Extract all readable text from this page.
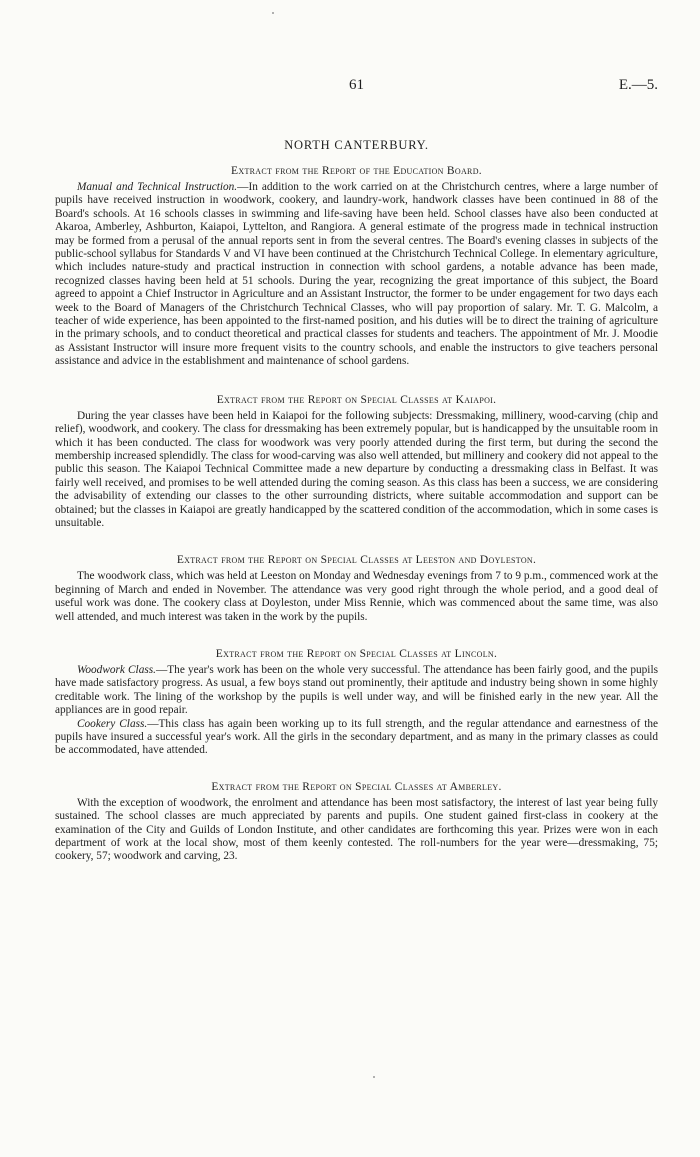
61	E.—5.
NORTH CANTERBURY.
Extract from the Report of the Education Board.

Manual and Technical Instruction.—In addition to the work carried on at the Christchurch centres, where a large number of pupils have received instruction in woodwork, cookery, and laundry-work, handwork classes have been continued in 88 of the Board's schools. At 16 schools classes in swimming and life-saving have been held. School classes have also been conducted at Akaroa, Amberley, Ashburton, Kaiapoi, Lyttelton, and Rangiora. A general estimate of the progress made in technical instruction may be formed from a perusal of the annual reports sent in from the several centres. The Board's evening classes in subjects of the public-school syllabus for Standards V and VI have been continued at the Christchurch Technical College. In elementary agriculture, which includes nature-study and practical instruction in connection with school gardens, a notable advance has been made, recognized classes having been held at 51 schools. During the year, recognizing the great importance of this subject, the Board agreed to appoint a Chief Instructor in Agriculture and an Assistant Instructor, the former to be under engagement for two days each week to the Board of Managers of the Christchurch Technical Classes, who will pay proportion of salary. Mr. T. G. Malcolm, a teacher of wide experience, has been appointed to the first-named position, and his duties will be to direct the training of agriculture in the primary schools, and to conduct theoretical and practical classes for students and teachers. The appointment of Mr. J. Moodie as Assistant Instructor will insure more frequent visits to the country schools, and enable the instructors to give teachers personal assistance and advice in the establishment and maintenance of school gardens.

Extract from the Report on Special Classes at Kaiapoi.

During the year classes have been held in Kaiapoi for the following subjects: Dressmaking, millinery, wood-carving (chip and relief), woodwork, and cookery. The class for dressmaking has been extremely popular, but is handicapped by the unsuitable room in which it has been conducted. The class for woodwork was very poorly attended during the first term, but during the second the membership increased splendidly. The class for wood-carving was also well attended, but millinery and cookery did not appeal to the public this season. The Kaiapoi Technical Committee made a new departure by conducting a dressmaking class in Belfast. It was fairly well received, and promises to be well attended during the coming season. As this class has been a success, we are considering the advisability of extending our classes to the other surrounding districts, where suitable accommodation and support can be obtained; but the classes in Kaiapoi are greatly handicapped by the scattered condition of the accommodation, which in some cases is unsuitable.

Extract from the Report on Special Classes at Leeston and Doyleston.

The woodwork class, which was held at Leeston on Monday and Wednesday evenings from 7 to 9 p.m., commenced work at the beginning of March and ended in November. The attendance was very good right through the whole period, and a good deal of useful work was done. The cookery class at Doyleston, under Miss Rennie, which was commenced about the same time, was also well attended, and much interest was taken in the work by the pupils.

Extract from the Report on Special Classes at Lincoln.

Woodwork Class.—The year's work has been on the whole very successful. The attendance has been fairly good, and the pupils have made satisfactory progress. As usual, a few boys stand out prominently, their aptitude and industry being shown in some highly creditable work. The lining of the workshop by the pupils is well under way, and will be finished early in the new year. All the appliances are in good repair.

Cookery Class.—This class has again been working up to its full strength, and the regular attendance and earnestness of the pupils have insured a successful year's work. All the girls in the secondary department, and as many in the primary classes as could be accommodated, have attended.

Extract from the Report on Special Classes at Amberley.

With the exception of woodwork, the enrolment and attendance has been most satisfactory, the interest of last year being fully sustained. The school classes are much appreciated by parents and pupils. One student gained first-class in cookery at the examination of the City and Guilds of London Institute, and other candidates are forthcoming this year. Prizes were won in each department of work at the local show, most of them keenly contested. The roll-numbers for the year were—dressmaking, 75; cookery, 57; woodwork and carving, 23.
